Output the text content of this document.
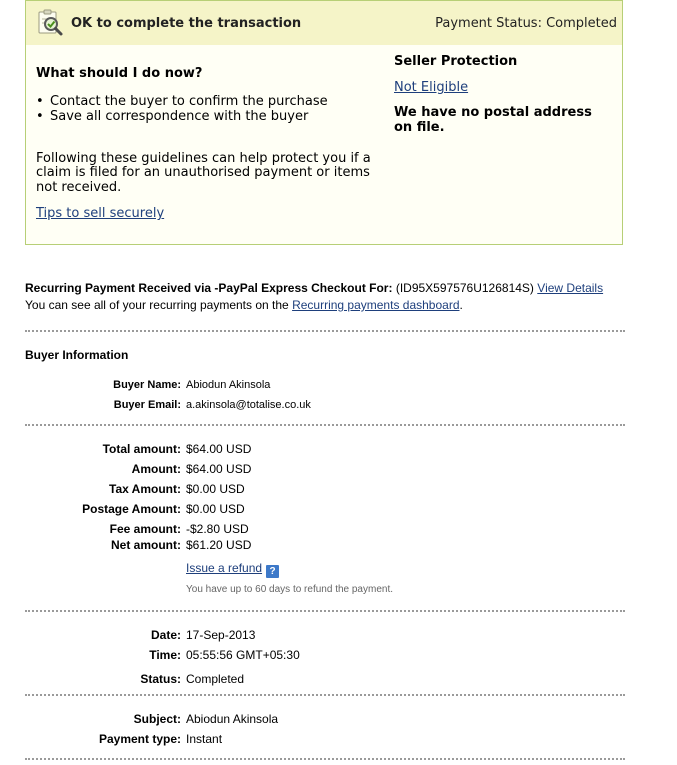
OK to complete the transaction	Payment Status: Completed
What should I do now?
• Contact the buyer to confirm the purchase
• Save all correspondence with the buyer
Following these guidelines can help protect you if a claim is filed for an unauthorised payment or items not received.
Tips to sell securely
Seller Protection
Not Eligible
We have no postal address on file.
Recurring Payment Received via -PayPal Express Checkout For: (ID95X597576U126814S) View Details
You can see all of your recurring payments on the Recurring payments dashboard.
Buyer Information
Buyer Name: Abiodun Akinsola
Buyer Email: a.akinsola@totalise.co.uk
Total amount: $64.00 USD
Amount: $64.00 USD
Tax Amount: $0.00 USD
Postage Amount: $0.00 USD
Fee amount: -$2.80 USD
Net amount: $61.20 USD
Issue a refund ?
You have up to 60 days to refund the payment.
Date: 17-Sep-2013
Time: 05:55:56 GMT+05:30
Status: Completed
Subject: Abiodun Akinsola
Payment type: Instant
